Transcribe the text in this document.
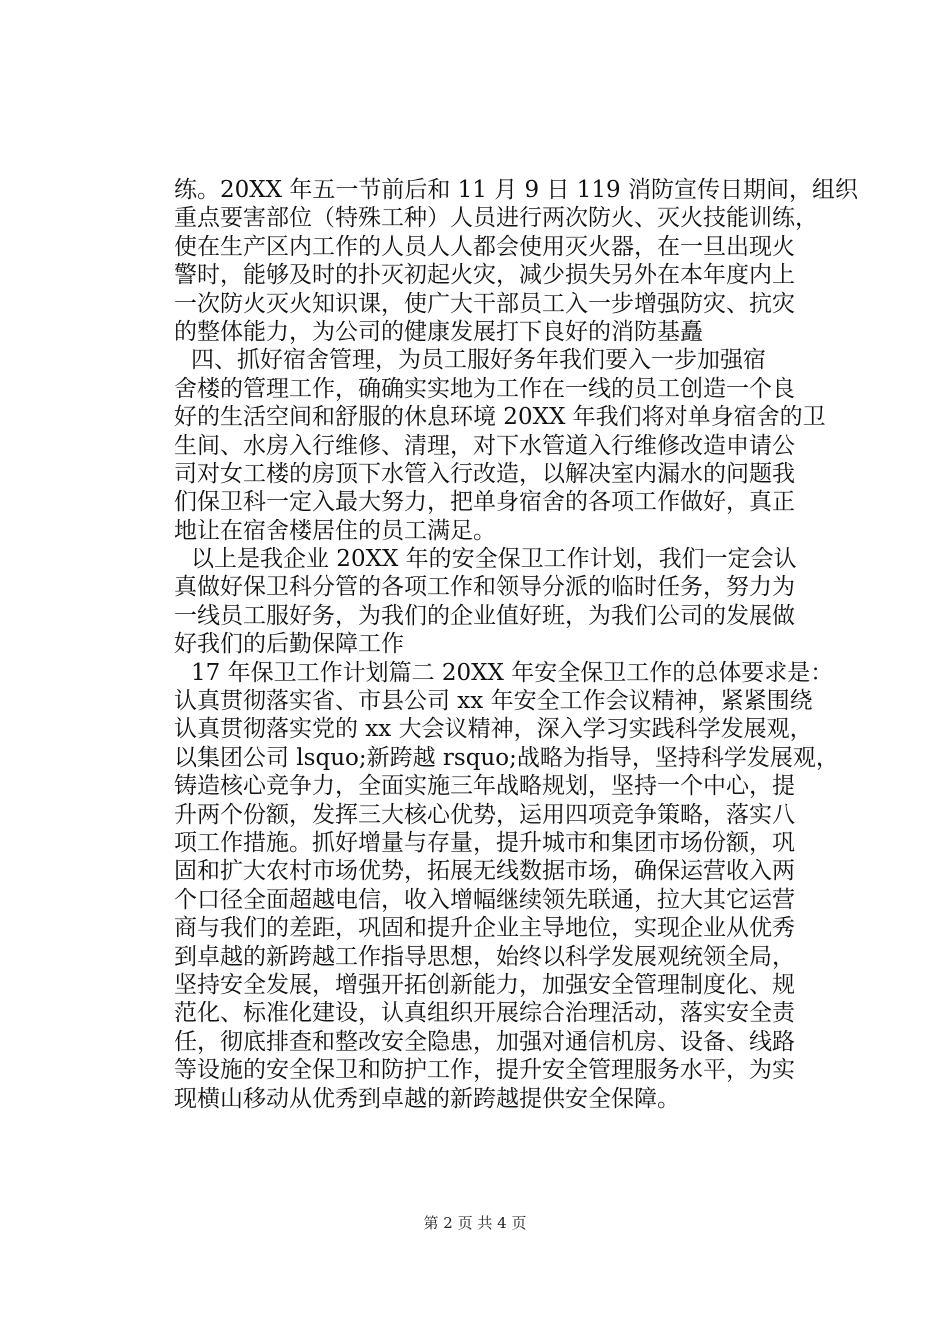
练。20XX 年五一节前后和 11 月 9 日 119 消防宣传日期间，组织
重点要害部位（特殊工种）人员进行两次防火、灭火技能训练，
使在生产区内工作的人员人人都会使用灭火器，在一旦出现火
警时，能够及时的扑灭初起火灾，减少损失另外在本年度内上
一次防火灭火知识课，使广大干部员工入一步增强防灾、抗灾
的整体能力，为公司的健康发展打下良好的消防基矗
四、抓好宿舍管理，为员工服好务年我们要入一步加强宿
舍楼的管理工作，确确实实地为工作在一线的员工创造一个良
好的生活空间和舒服的休息环境 20XX 年我们将对单身宿舍的卫
生间、水房入行维修、清理，对下水管道入行维修改造申请公
司对女工楼的房顶下水管入行改造，以解决室内漏水的问题我
们保卫科一定入最大努力，把单身宿舍的各项工作做好，真正
地让在宿舍楼居住的员工满足。
以上是我企业 20XX 年的安全保卫工作计划，我们一定会认
真做好保卫科分管的各项工作和领导分派的临时任务，努力为
一线员工服好务，为我们的企业值好班，为我们公司的发展做
好我们的后勤保障工作
17 年保卫工作计划篇二 20XX 年安全保卫工作的总体要求是：
认真贯彻落实省、市县公司 xx 年安全工作会议精神，紧紧围绕
认真贯彻落实党的 xx 大会议精神，深入学习实践科学发展观，
以集团公司 lsquo;新跨越 rsquo;战略为指导，坚持科学发展观，
铸造核心竞争力，全面实施三年战略规划，坚持一个中心，提
升两个份额，发挥三大核心优势，运用四项竞争策略，落实八
项工作措施。抓好增量与存量，提升城市和集团市场份额，巩
固和扩大农村市场优势，拓展无线数据市场，确保运营收入两
个口径全面超越电信，收入增幅继续领先联通，拉大其它运营
商与我们的差距，巩固和提升企业主导地位，实现企业从优秀
到卓越的新跨越工作指导思想，始终以科学发展观统领全局，
坚持安全发展，增强开拓创新能力，加强安全管理制度化、规
范化、标准化建设，认真组织开展综合治理活动，落实安全责
任，彻底排查和整改安全隐患，加强对通信机房、设备、线路
等设施的安全保卫和防护工作，提升安全管理服务水平，为实
现横山移动从优秀到卓越的新跨越提供安全保障。
第 2 页 共 4 页
